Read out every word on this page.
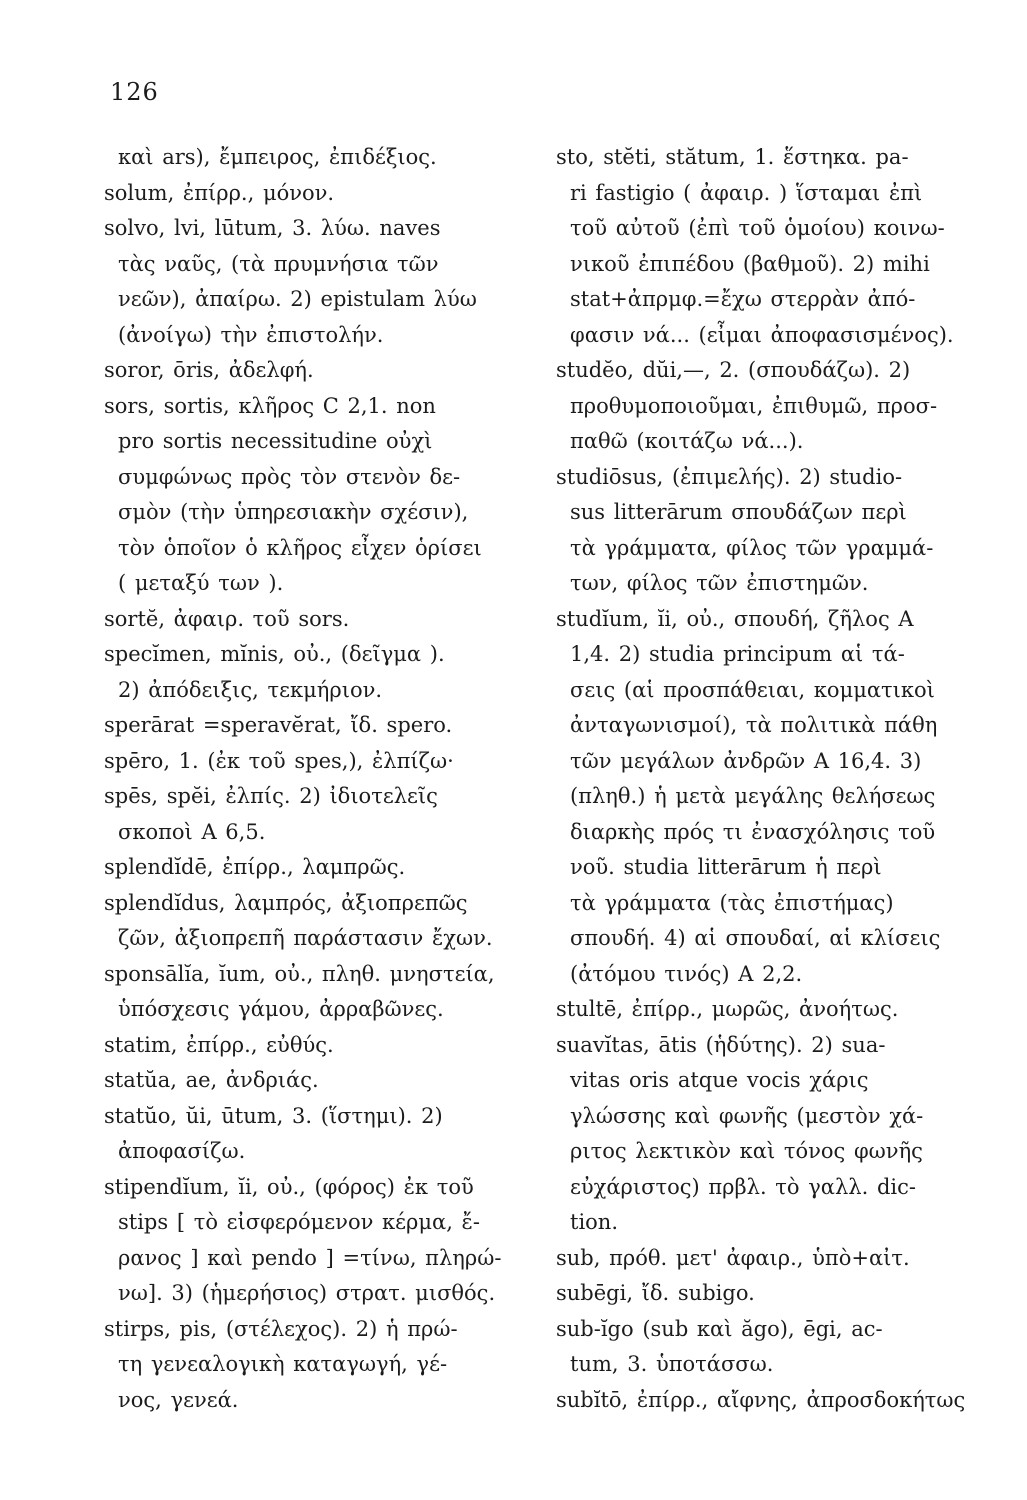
126
καὶ ars), ἔμπειρος, ἐπιδέξιος.
solum, ἐπίρρ., μόνον.
solvo, lvi, lūtum, 3. λύω. naves
τὰς ναῦς, (τὰ πρυμνήσια τῶν
νεῶν), ἀπαίρω. 2) epistulam λύω
(ἀνοίγω) τὴν ἐπιστολήν.
soror, ōris, ἀδελφή.
sors, sortis, κλῆρος C 2,1. non
pro sortis necessitudine οὐχὶ
συμφώνως πρὸς τὸν στενὸν δε-
σμὸν (τὴν ὑπηρεσιακὴν σχέσιν),
τὸν ὁποῖον ὁ κλῆρος εἶχεν ὁρίσει
( μεταξύ των ).
sortĕ, ἀφαιρ. τοῦ sors.
specĭmen, mĭnis, οὐ., (δεῖγμα ).
2) ἀπόδειξις, τεκμήριον.
sperārat =speravĕrat, ἴδ. spero.
spēro, 1. (ἐκ τοῦ spes,), ἐλπίζω·
spēs, spĕi, ἐλπίς. 2) ἰδιοτελεῖς
σκοποὶ A 6,5.
splendĭdē, ἐπίρρ., λαμπρῶς.
splendĭdus, λαμπρός, ἀξιοπρεπῶς
ζῶν, ἀξιοπρεπῆ παράστασιν ἔχων.
sponsālĭa, ĭum, οὐ., πληθ. μνηστεία,
ὑπόσχεσις γάμου, ἀρραβῶνες.
statim, ἐπίρρ., εὐθύς.
statŭa, ae, ἀνδριάς.
statŭo, ŭi, ūtum, 3. (ἵστημι). 2)
ἀποφασίζω.
stipendĭum, ĭi, οὐ., (φόρος) ἐκ τοῦ
stips [ τὸ εἰσφερόμενον κέρμα, ἔ-
ρανος ] καὶ pendo ] =τίνω, πληρώ-
νω]. 3) (ἡμερήσιος) στρατ. μισθός.
stirps, pis, (στέλεχος). 2) ἡ πρώ-
τη γενεαλογικὴ καταγωγή, γέ-
νος, γενεά.
sto, stĕti, stătum, 1. ἕστηκα. pa-
ri fastigio ( ἀφαιρ. ) ἵσταμαι ἐπὶ
τοῦ αὐτοῦ (ἐπὶ τοῦ ὁμοίου) κοινω-
νικοῦ ἐπιπέδου (βαθμοῦ). 2) mihi
stat+ἀπρμφ.=ἔχω στερρὰν ἀπό-
φασιν νά... (εἶμαι ἀποφασισμένος).
studĕo, dŭi,—, 2. (σπουδάζω). 2)
προθυμοποιοῦμαι, ἐπιθυμῶ, προσ-
παθῶ (κοιτάζω νά...).
studiōsus, (ἐπιμελής). 2) studio-
sus litterārum σπουδάζων περὶ
τὰ γράμματα, φίλος τῶν γραμμά-
των, φίλος τῶν ἐπιστημῶν.
studĭum, ĭi, οὐ., σπουδή, ζῆλος A
1,4. 2) studia principum αἱ τά-
σεις (αἱ προσπάθειαι, κομματικοὶ
ἀνταγωνισμοί), τὰ πολιτικὰ πάθη
τῶν μεγάλων ἀνδρῶν A 16,4. 3)
(πληθ.) ἡ μετὰ μεγάλης θελήσεως
διαρκὴς πρός τι ἐνασχόλησις τοῦ
νοῦ. studia litterārum ἡ περὶ
τὰ γράμματα (τὰς ἐπιστήμας)
σπουδή. 4) αἱ σπουδαί, αἱ κλίσεις
(ἀτόμου τινός) A 2,2.
stultē, ἐπίρρ., μωρῶς, ἀνοήτως.
suavĭtas, ātis (ἡδύτης). 2) sua-
vitas oris atque vocis χάρις
γλώσσης καὶ φωνῆς (μεστὸν χά-
ριτος λεκτικὸν καὶ τόνος φωνῆς
εὐχάριστος) πρβλ. τὸ γαλλ. dic-
tion.
sub, πρόθ. μετ' ἀφαιρ., ὑπὸ+αἰτ.
subēgi, ἴδ. subigo.
sub-ĭgo (sub καὶ ăgo), ēgi, ac-
tum, 3. ὑποτάσσω.
subĭtō, ἐπίρρ., αἴφνης, ἀπροσδοκήτως
